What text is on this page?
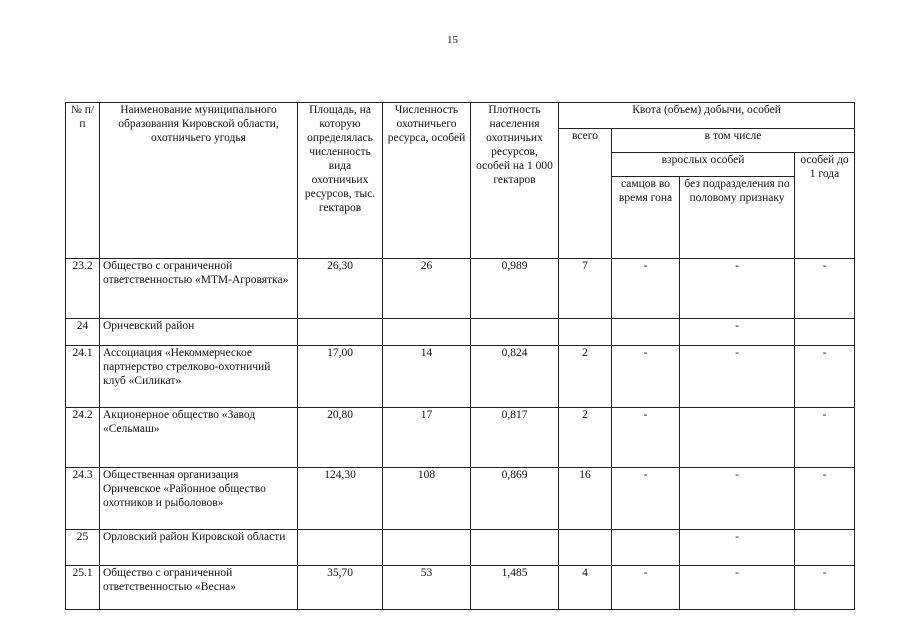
15
№ п/п	Наименование муниципального образования Кировской области, охотничьего угодья	Площадь, на которую определялась численность вида охотничьих ресурсов, тыс. гектаров	Численность охотничьего ресурса, особей	Плотность населения охотничьих ресурсов, особей на 1 000 гектаров	Квота (объем) добычи, особей			
					всего	в том числе		
						взрослых особей		особей до 1 года
						самцов во время гона	без подразделения по половому признаку	
23.2	Общество с ограниченной ответственностью «МТМ-Агровятка»	26,30	26	0,989	7	-	-	-
24	Оричевский район						-	
24.1	Ассоциация «Некоммерческое партнерство стрелково-охотничий клуб «Силикат»	17,00	14	0,824	2	-	-	-
24.2	Акционерное общество «Завод «Сельмаш»	20,80	17	0,817	2	-		-
24.3	Общественная организация Оричевское «Районное общество охотников и рыболовов»	124,30	108	0,869	16	-	-	-
25	Орловский район Кировской области						-	
25.1	Общество с ограниченной ответственностью «Весна»	35,70	53	1,485	4	-	-	-
